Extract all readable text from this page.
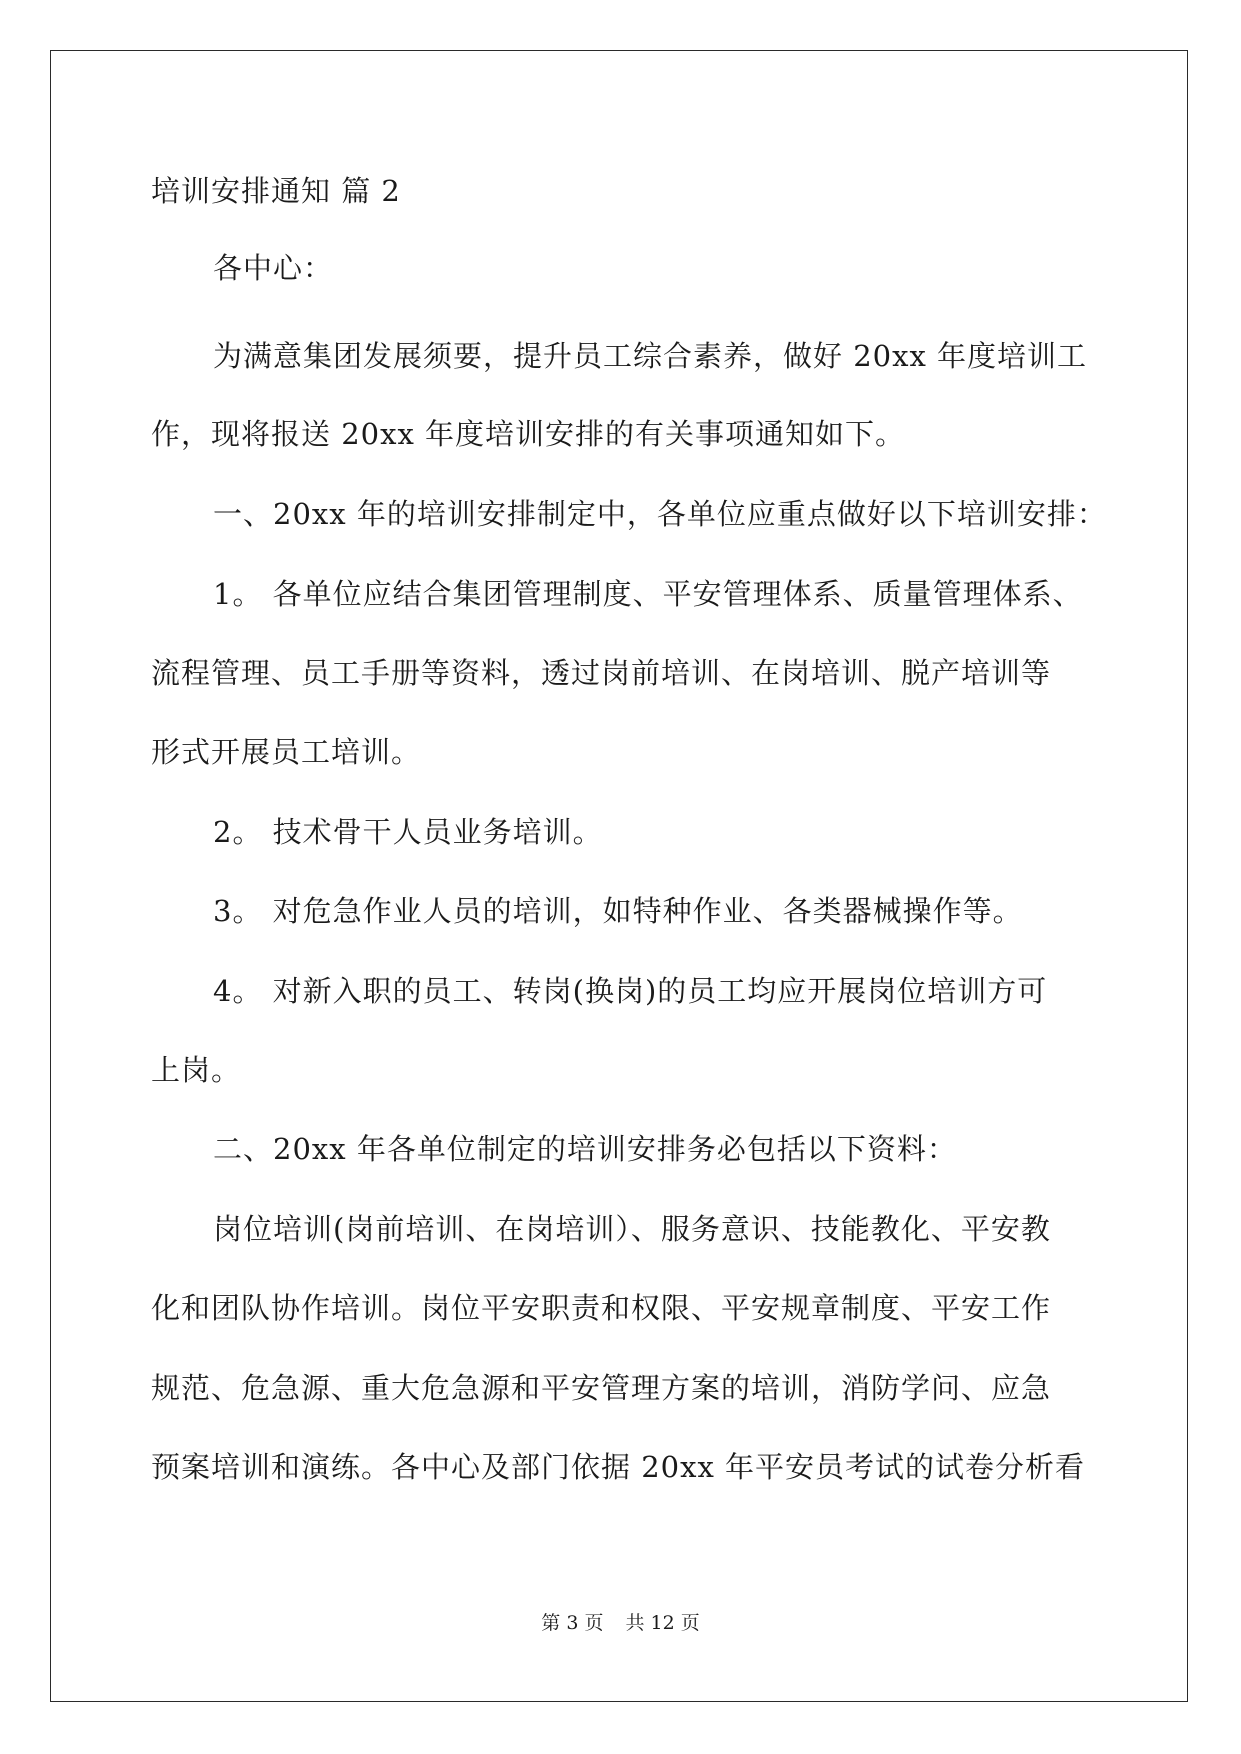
培训安排通知 篇 2
各中心：
为满意集团发展须要，提升员工综合素养，做好 20xx 年度培训工
作，现将报送 20xx 年度培训安排的有关事项通知如下。
一、20xx 年的培训安排制定中，各单位应重点做好以下培训安排：
1。 各单位应结合集团管理制度、平安管理体系、质量管理体系、
流程管理、员工手册等资料，透过岗前培训、在岗培训、脱产培训等
形式开展员工培训。
2。 技术骨干人员业务培训。
3。 对危急作业人员的培训，如特种作业、各类器械操作等。
4。 对新入职的员工、转岗(换岗)的员工均应开展岗位培训方可
上岗。
二、20xx 年各单位制定的培训安排务必包括以下资料：
岗位培训(岗前培训、在岗培训）、服务意识、技能教化、平安教
化和团队协作培训。岗位平安职责和权限、平安规章制度、平安工作
规范、危急源、重大危急源和平安管理方案的培训，消防学问、应急
预案培训和演练。各中心及部门依据 20xx 年平安员考试的试卷分析看
第 3 页 共 12 页
